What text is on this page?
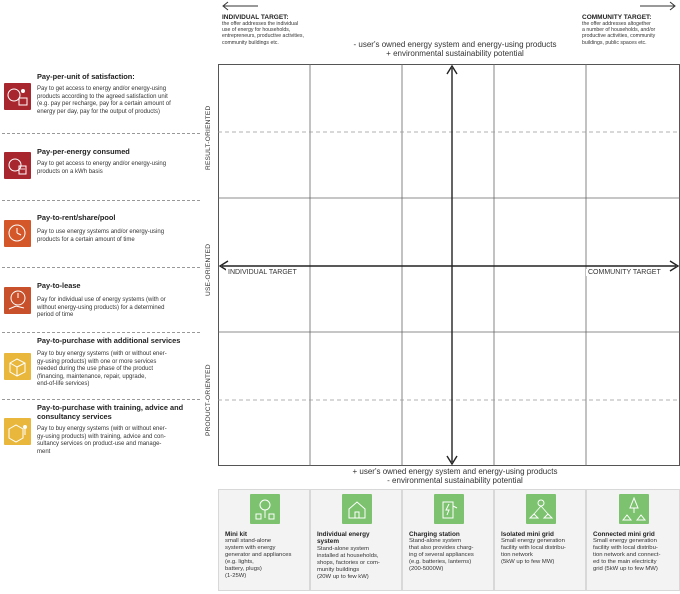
INDIVIDUAL TARGET:
the offer addresses the individual
use of energy for households,
entrepreneurs, productive activities,
community buildings etc.
COMMUNITY TARGET:
the offer addresses altogether
a number of households, and/or
productive activities, community
buildings, public spaces etc.
- user's owned energy system and energy-using products
+ environmental sustainability potential
INDIVIDUAL TARGET	COMMUNITY TARGET
RESULT-ORIENTED
USE-ORIENTED
PRODUCT-ORIENTED
Pay-per-unit of satisfaction:
Pay to get access to energy and/or energy-using
products according to the agreed satisfaction unit
(e.g. pay per recharge, pay for a certain amount of
energy per day, pay for the output of products)
Pay-per-energy consumed
Pay to get access to energy and/or energy-using
products on a kWh basis
Pay-to-rent/share/pool
Pay to use energy systems and/or energy-using
products for a certain amount of time
Pay-to-lease
Pay for individual use of energy systems (with or
without energy-using products) for a determined
period of time
Pay-to-purchase with additional services
Pay to buy energy systems (with or without ener-
gy-using products) with one or more services
needed during the use phase of the product
(financing, maintenance, repair, upgrade,
end-of-life services)
Pay-to-purchase with training, advice and
consultancy services
Pay to buy energy systems (with or without ener-
gy-using products) with training, advice and con-
sultancy services on product-use and manage-
ment
+ user's owned energy system and energy-using products
- environmental sustainability potential
Mini kit
small stand-alone
system with energy
generator and appliances
(e.g. lights,
battery, plugs)
(1-25W)
Individual energy
system
Stand-alone system
installed at households,
shops, factories or com-
munity buildings
(20W up to few kW)
Charging station
Stand-alone system
that also provides charg-
ing of several appliances
(e.g. batteries, lanterns)
(200-5000W)
Isolated mini grid
Small energy generation
facility with local distribu-
tion network
(5kW up to few MW)
Connected mini grid
Small energy generation
facility with local distribu-
tion network and connect-
ed to the main electricity
grid (5kW up to few MW)
